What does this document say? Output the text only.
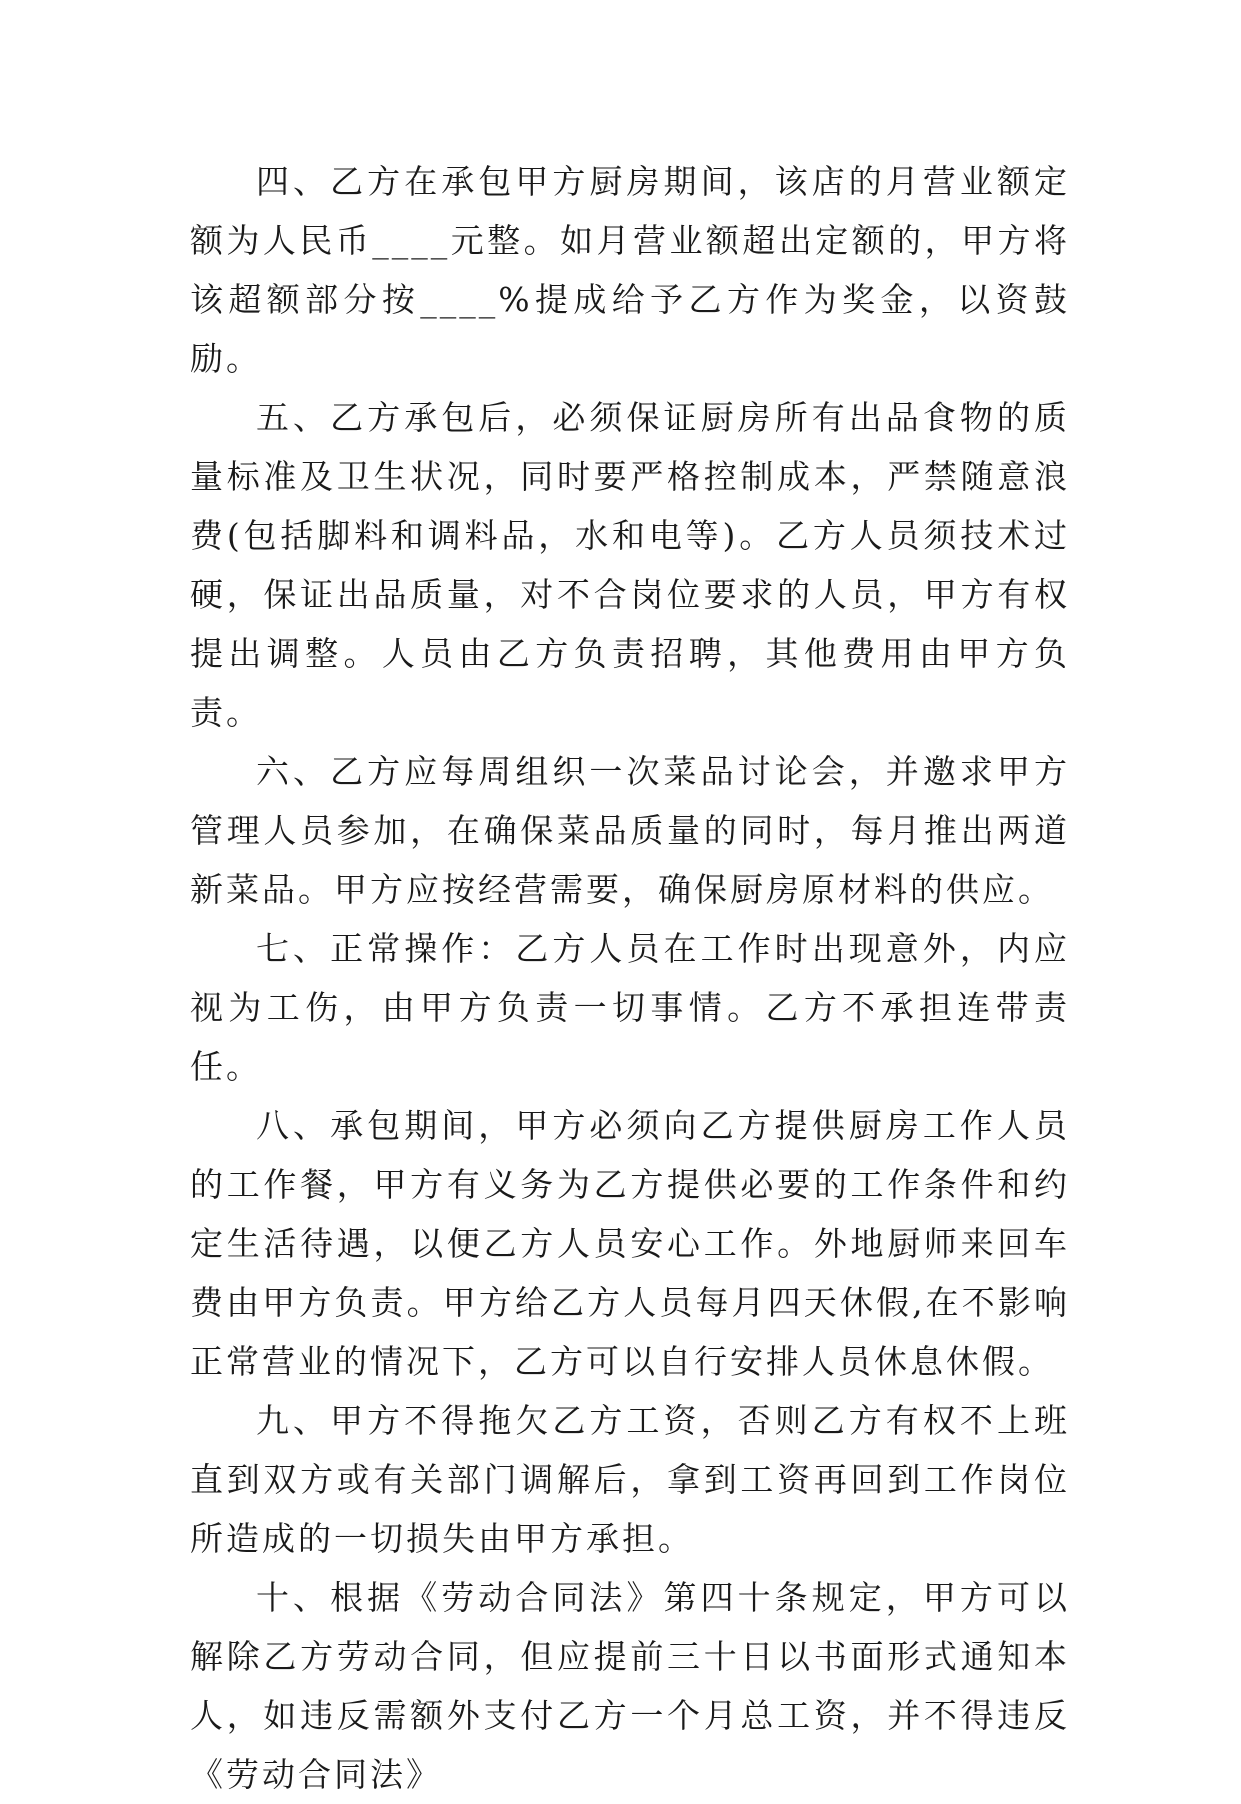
四、乙方在承包甲方厨房期间，该店的月营业额定额为人民币____元整。如月营业额超出定额的，甲方将该超额部分按____%提成给予乙方作为奖金，以资鼓励。

五、乙方承包后，必须保证厨房所有出品食物的质量标准及卫生状况，同时要严格控制成本，严禁随意浪费(包括脚料和调料品，水和电等)。乙方人员须技术过硬，保证出品质量，对不合岗位要求的人员，甲方有权提出调整。人员由乙方负责招聘，其他费用由甲方负责。

六、乙方应每周组织一次菜品讨论会，并邀求甲方管理人员参加，在确保菜品质量的同时，每月推出两道新菜品。甲方应按经营需要，确保厨房原材料的供应。

七、正常操作：乙方人员在工作时出现意外，内应视为工伤，由甲方负责一切事情。乙方不承担连带责任。

八、承包期间，甲方必须向乙方提供厨房工作人员的工作餐，甲方有义务为乙方提供必要的工作条件和约定生活待遇，以便乙方人员安心工作。外地厨师来回车费由甲方负责。甲方给乙方人员每月四天休假,在不影响正常营业的情况下，乙方可以自行安排人员休息休假。

九、甲方不得拖欠乙方工资，否则乙方有权不上班直到双方或有关部门调解后，拿到工资再回到工作岗位所造成的一切损失由甲方承担。

十、根据《劳动合同法》第四十条规定，甲方可以解除乙方劳动合同，但应提前三十日以书面形式通知本人，如违反需额外支付乙方一个月总工资，并不得违反《劳动合同法》
